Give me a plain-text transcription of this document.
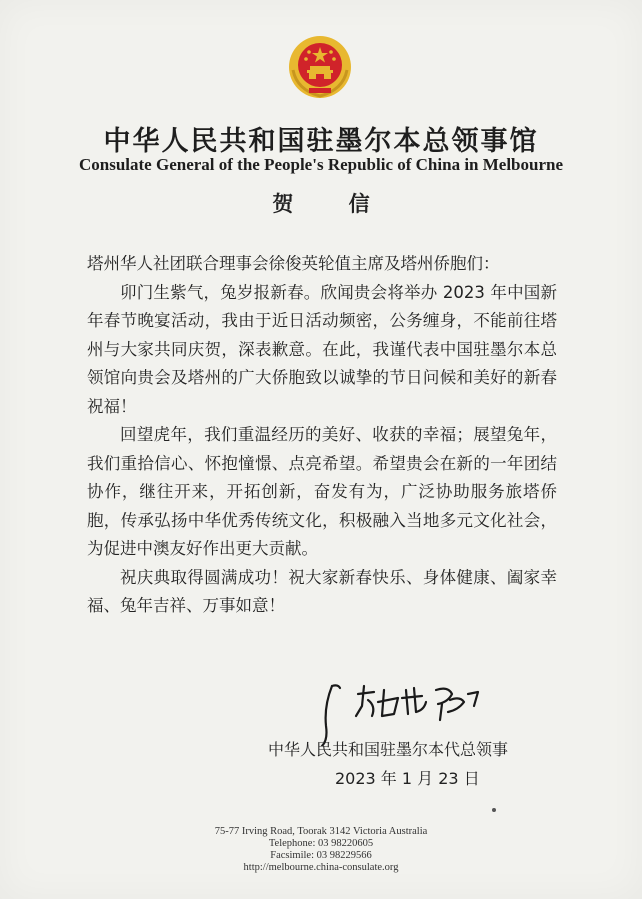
中华人民共和国驻墨尔本总领事馆
Consulate General of the People's Republic of China in Melbourne
贺 信

塔州华人社团联合理事会徐俊英轮值主席及塔州侨胞们：

卯门生紫气，兔岁报新春。欣闻贵会将举办 2023 年中国新年春节晚宴活动，我由于近日活动频密，公务缠身，不能前往塔州与大家共同庆贺，深表歉意。在此，我谨代表中国驻墨尔本总领馆向贵会及塔州的广大侨胞致以诚挚的节日问候和美好的新春祝福！

回望虎年，我们重温经历的美好、收获的幸福；展望兔年，我们重拾信心、怀抱憧憬、点亮希望。希望贵会在新的一年团结协作，继往开来，开拓创新，奋发有为，广泛协助服务旅塔侨胞，传承弘扬中华优秀传统文化，积极融入当地多元文化社会，为促进中澳友好作出更大贡献。

祝庆典取得圆满成功！祝大家新春快乐、身体健康、阖家幸福、兔年吉祥、万事如意！

中华人民共和国驻墨尔本代总领事
2023 年 1 月 23 日
75-77 Irving Road, Toorak 3142 Victoria Australia
Telephone: 03 98220605
Facsimile: 03 98229566
http://melbourne.china-consulate.org
